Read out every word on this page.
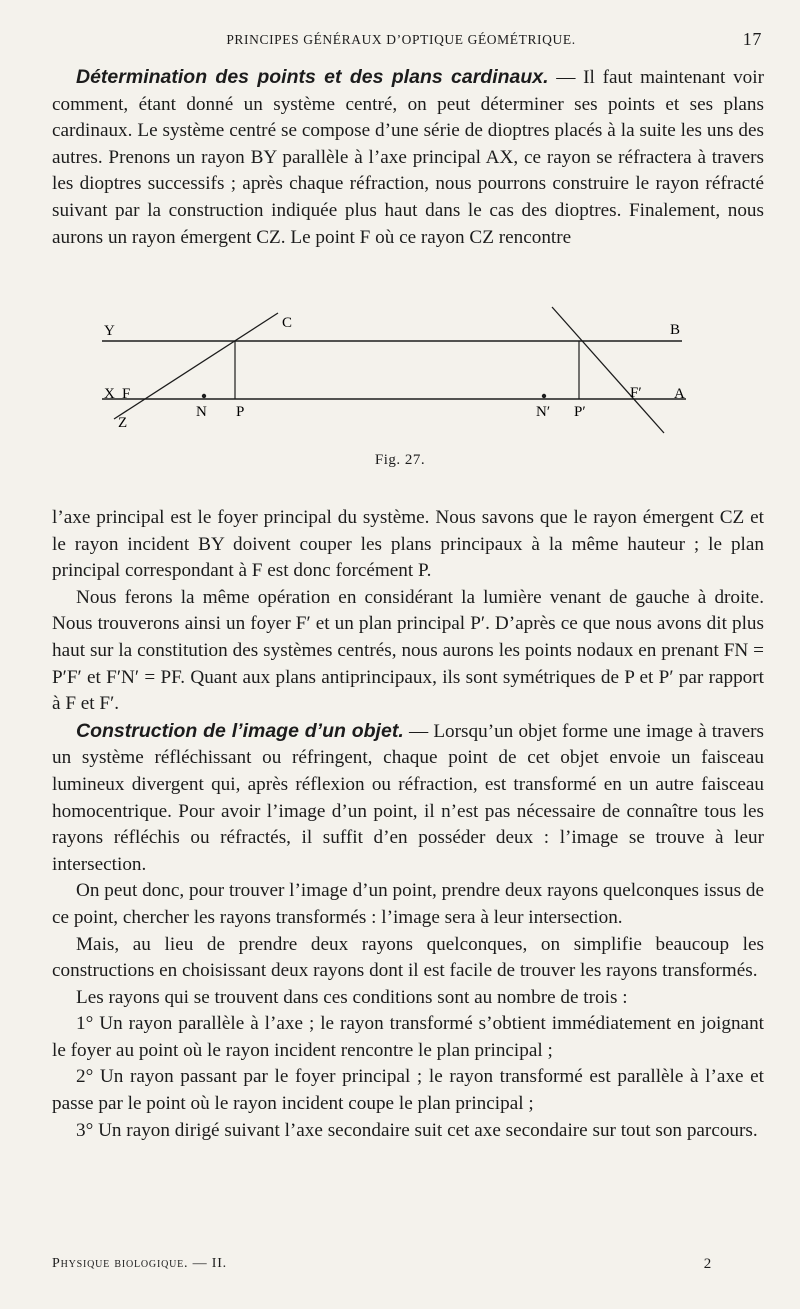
PRINCIPES GÉNÉRAUX D’OPTIQUE GÉOMÉTRIQUE.	17

Détermination des points et des plans cardinaux. — Il faut maintenant voir comment, étant donné un système centré, on peut déterminer ses points et ses plans cardinaux. Le système centré se compose d’une série de dioptres placés à la suite les uns des autres. Prenons un rayon BY parallèle à l’axe principal AX, ce rayon se réfractera à travers les dioptres successifs ; après chaque réfraction, nous pourrons construire le rayon réfracté suivant par la construction indiquée plus haut dans le cas des dioptres. Finalement, nous aurons un rayon émergent CZ. Le point F où ce rayon CZ rencontre

Y	C	B
X F
Z
N P	N′ P′
F′ A
Fig. 27.

l’axe principal est le foyer principal du système. Nous savons que le rayon émergent CZ et le rayon incident BY doivent couper les plans principaux à la même hauteur ; le plan principal correspondant à F est donc forcément P.

Nous ferons la même opération en considérant la lumière venant de gauche à droite. Nous trouverons ainsi un foyer F′ et un plan principal P′. D’après ce que nous avons dit plus haut sur la constitution des systèmes centrés, nous aurons les points nodaux en prenant FN = P′F′ et F′N′ = PF. Quant aux plans antiprincipaux, ils sont symétriques de P et P′ par rapport à F et F′.

Construction de l’image d’un objet. — Lorsqu’un objet forme une image à travers un système réfléchissant ou réfringent, chaque point de cet objet envoie un faisceau lumineux divergent qui, après réflexion ou réfraction, est transformé en un autre faisceau homocentrique. Pour avoir l’image d’un point, il n’est pas nécessaire de connaître tous les rayons réfléchis ou réfractés, il suffit d’en posséder deux : l’image se trouve à leur intersection.

On peut donc, pour trouver l’image d’un point, prendre deux rayons quelconques issus de ce point, chercher les rayons transformés : l’image sera à leur intersection.

Mais, au lieu de prendre deux rayons quelconques, on simplifie beaucoup les constructions en choisissant deux rayons dont il est facile de trouver les rayons transformés.

Les rayons qui se trouvent dans ces conditions sont au nombre de trois :

1° Un rayon parallèle à l’axe ; le rayon transformé s’obtient immédiatement en joignant le foyer au point où le rayon incident rencontre le plan principal ;

2° Un rayon passant par le foyer principal ; le rayon transformé est parallèle à l’axe et passe par le point où le rayon incident coupe le plan principal ;

3° Un rayon dirigé suivant l’axe secondaire suit cet axe secondaire sur tout son parcours.

Physique biologique. — II.	2
